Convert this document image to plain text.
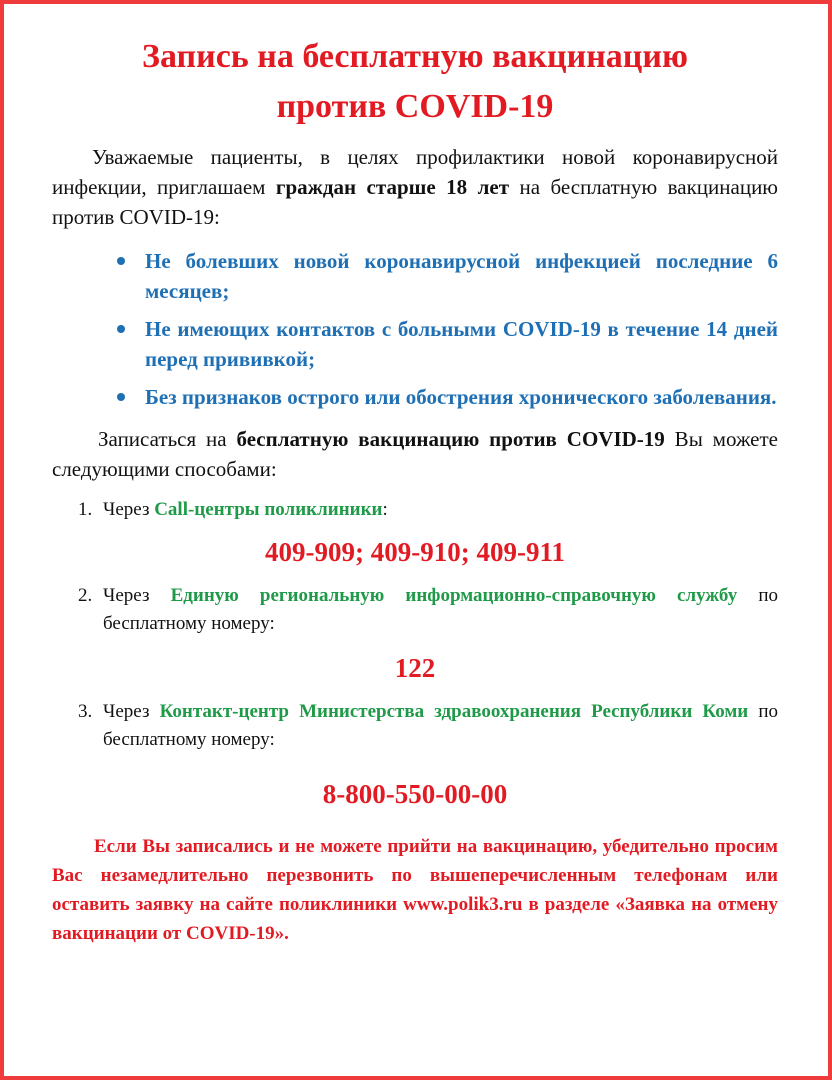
Запись на бесплатную вакцинацию
против COVID-19

Уважаемые пациенты, в целях профилактики новой коронавирусной инфекции, приглашаем граждан старше 18 лет на бесплатную вакцинацию против COVID-19:

Не болевших новой коронавирусной инфекцией последние 6 месяцев;
Не имеющих контактов с больными COVID-19 в течение 14 дней перед прививкой;
Без признаков острого или обострения хронического заболевания.

Записаться на бесплатную вакцинацию против COVID-19 Вы можете следующими способами:

1. Через Call-центры поликлиники:

409-909; 409-910; 409-911

2. Через Единую региональную информационно-справочную службу по бесплатному номеру:

122

3. Через Контакт-центр Министерства здравоохранения Республики Коми по бесплатному номеру:

8-800-550-00-00

Если Вы записались и не можете прийти на вакцинацию, убедительно просим Вас незамедлительно перезвонить по вышеперечисленным телефонам или оставить заявку на сайте поликлиники www.polik3.ru в разделе «Заявка на отмену вакцинации от COVID-19».
